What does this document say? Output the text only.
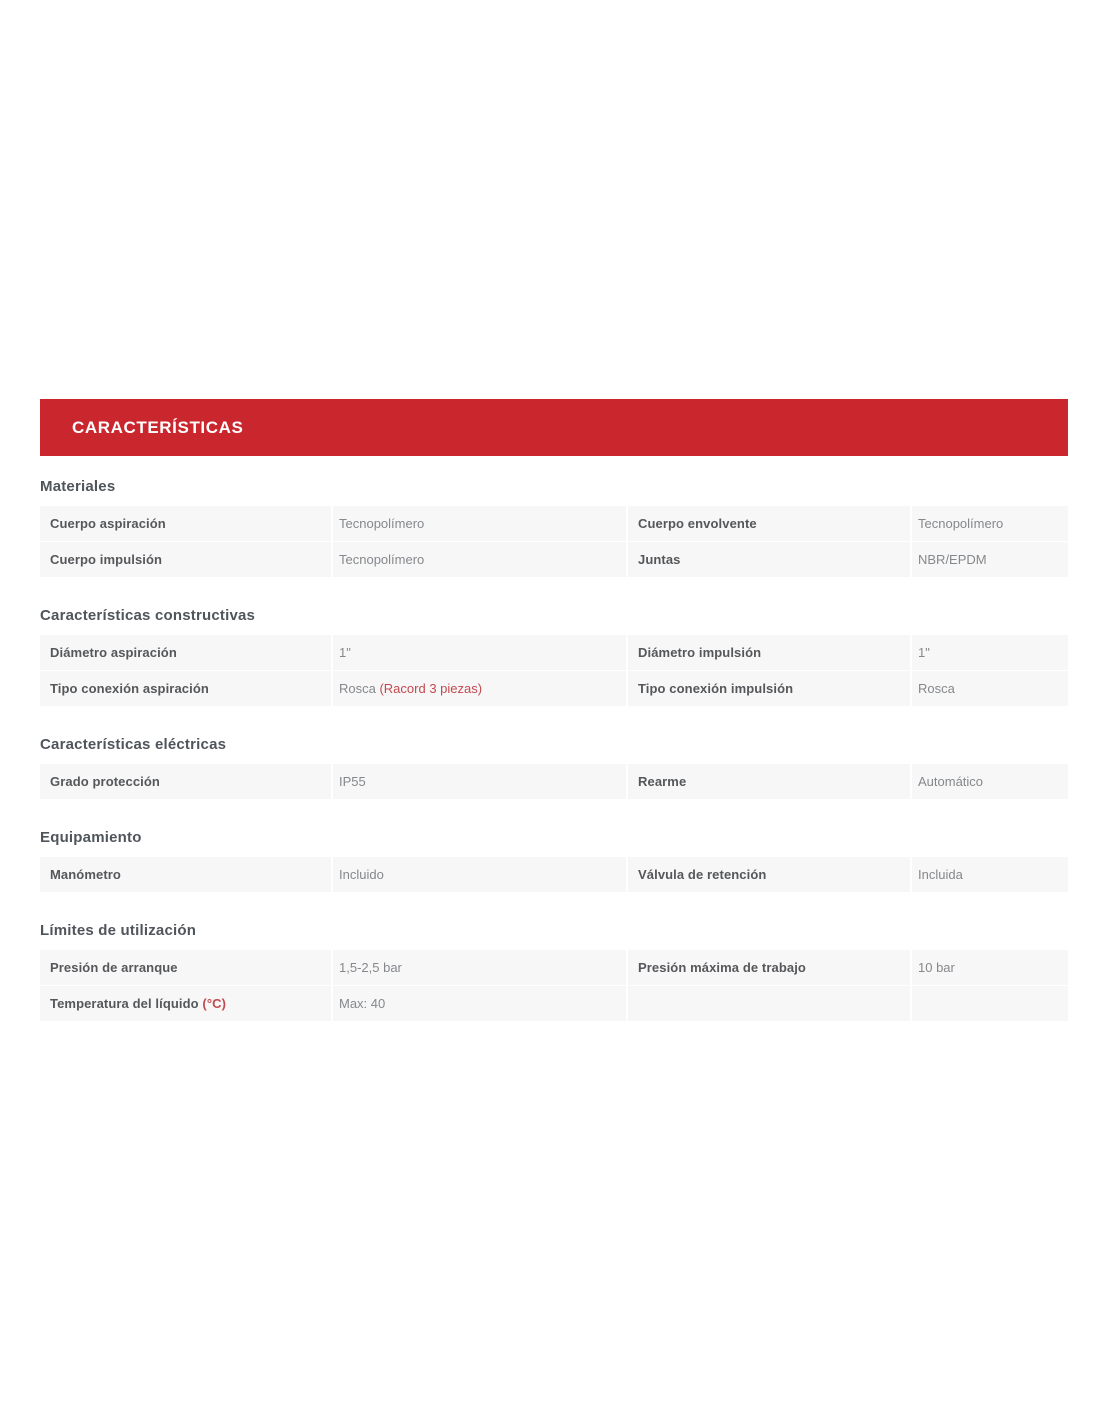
CARACTERÍSTICAS
Materiales
Cuerpo aspiración	Tecnopolímero	Cuerpo envolvente	Tecnopolímero
Cuerpo impulsión	Tecnopolímero	Juntas	NBR/EPDM
Características constructivas
Diámetro aspiración	1"	Diámetro impulsión	1"
Tipo conexión aspiración	Rosca (Racord 3 piezas)	Tipo conexión impulsión	Rosca
Características eléctricas
Grado protección	IP55	Rearme	Automático
Equipamiento
Manómetro	Incluido	Válvula de retención	Incluida
Límites de utilización
Presión de arranque	1,5-2,5 bar	Presión máxima de trabajo	10 bar
Temperatura del líquido (°C)	Max: 40
